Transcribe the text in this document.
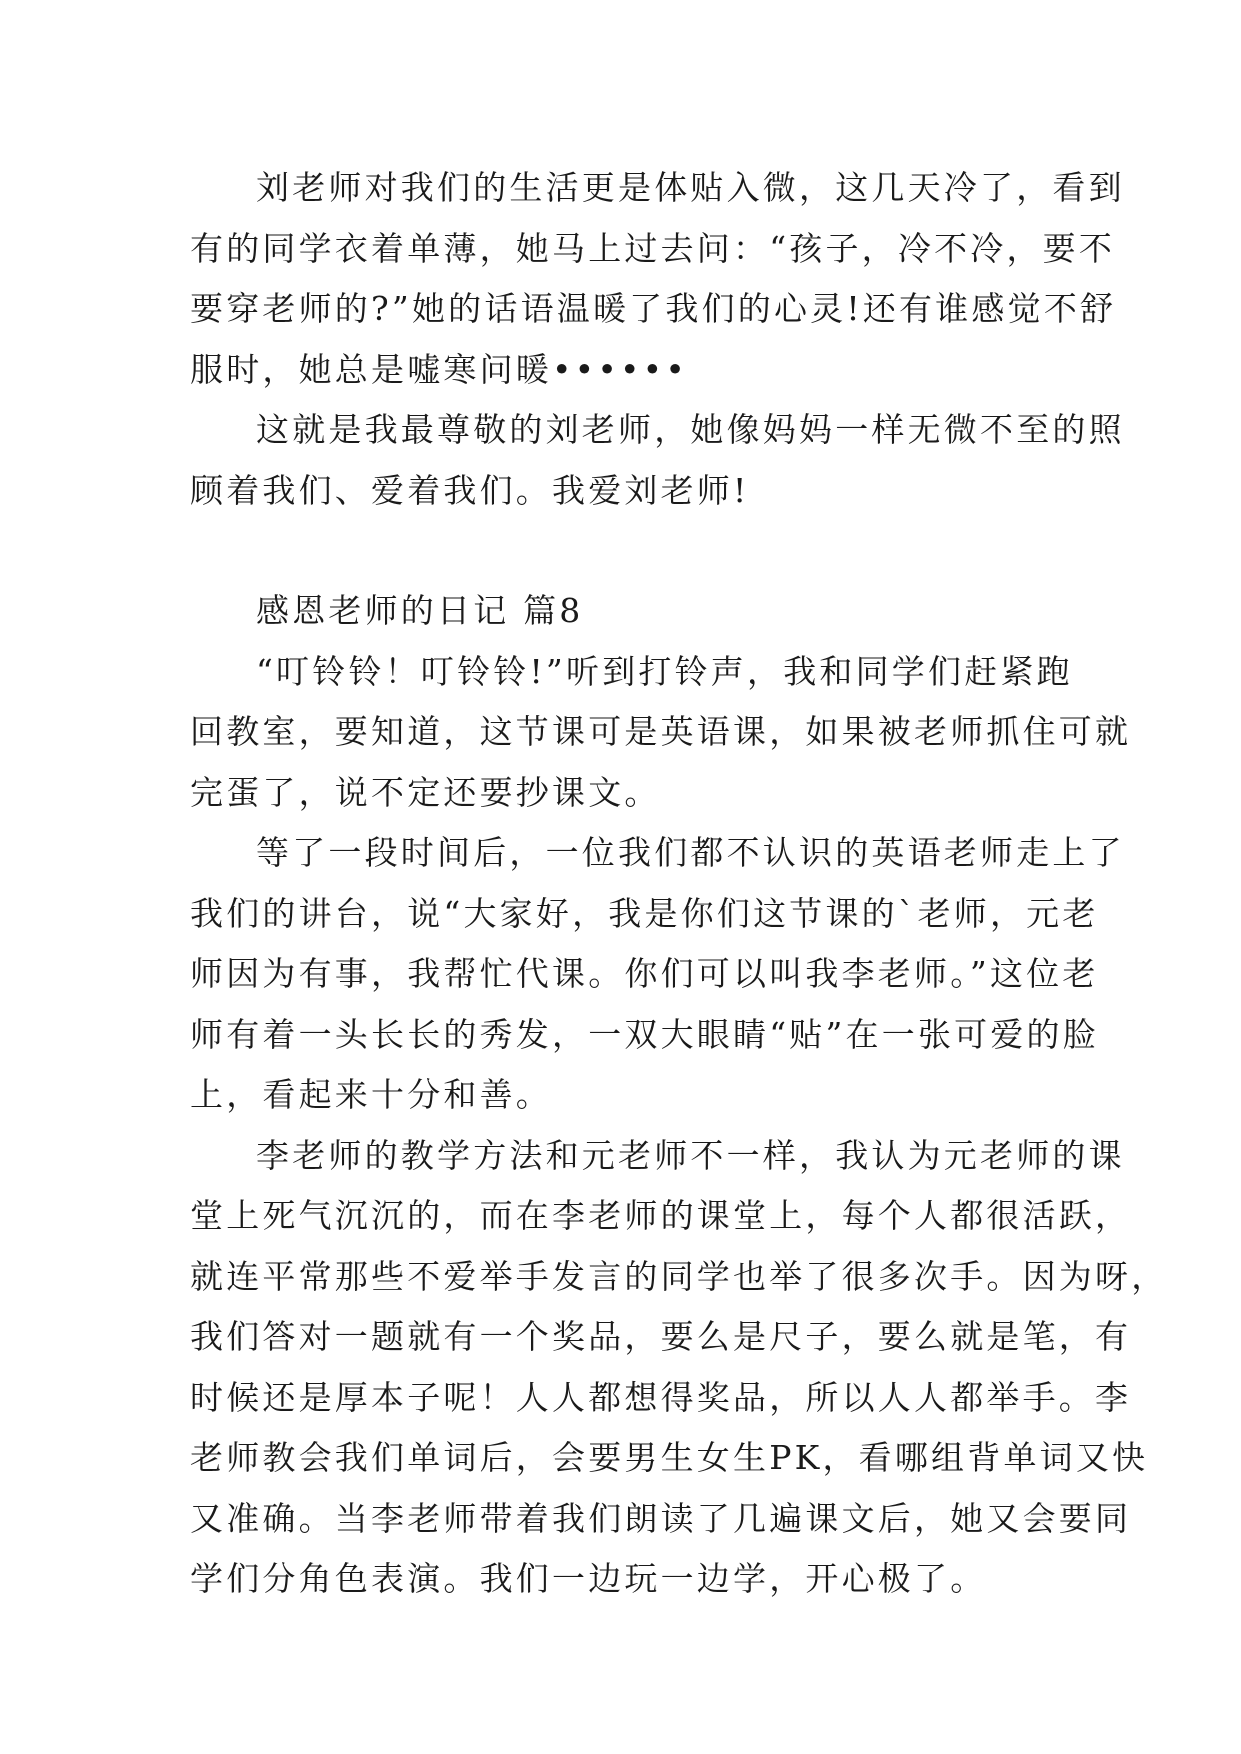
刘老师对我们的生活更是体贴入微，这几天冷了，看到
有的同学衣着单薄，她马上过去问：“孩子，冷不冷，要不
要穿老师的?”她的话语温暖了我们的心灵!还有谁感觉不舒
服时，她总是嘘寒问暖••••••
这就是我最尊敬的刘老师，她像妈妈一样无微不至的照
顾着我们、爱着我们。我爱刘老师!
感恩老师的日记 篇8
“叮铃铃！叮铃铃!”听到打铃声，我和同学们赶紧跑
回教室，要知道，这节课可是英语课，如果被老师抓住可就
完蛋了，说不定还要抄课文。
等了一段时间后，一位我们都不认识的英语老师走上了
我们的讲台，说“大家好，我是你们这节课的`老师，元老
师因为有事，我帮忙代课。你们可以叫我李老师。”这位老
师有着一头长长的秀发，一双大眼睛“贴”在一张可爱的脸
上，看起来十分和善。
李老师的教学方法和元老师不一样，我认为元老师的课
堂上死气沉沉的，而在李老师的课堂上，每个人都很活跃，
就连平常那些不爱举手发言的同学也举了很多次手。因为呀，
我们答对一题就有一个奖品，要么是尺子，要么就是笔，有
时候还是厚本子呢！人人都想得奖品，所以人人都举手。李
老师教会我们单词后，会要男生女生PK，看哪组背单词又快
又准确。当李老师带着我们朗读了几遍课文后，她又会要同
学们分角色表演。我们一边玩一边学，开心极了。
